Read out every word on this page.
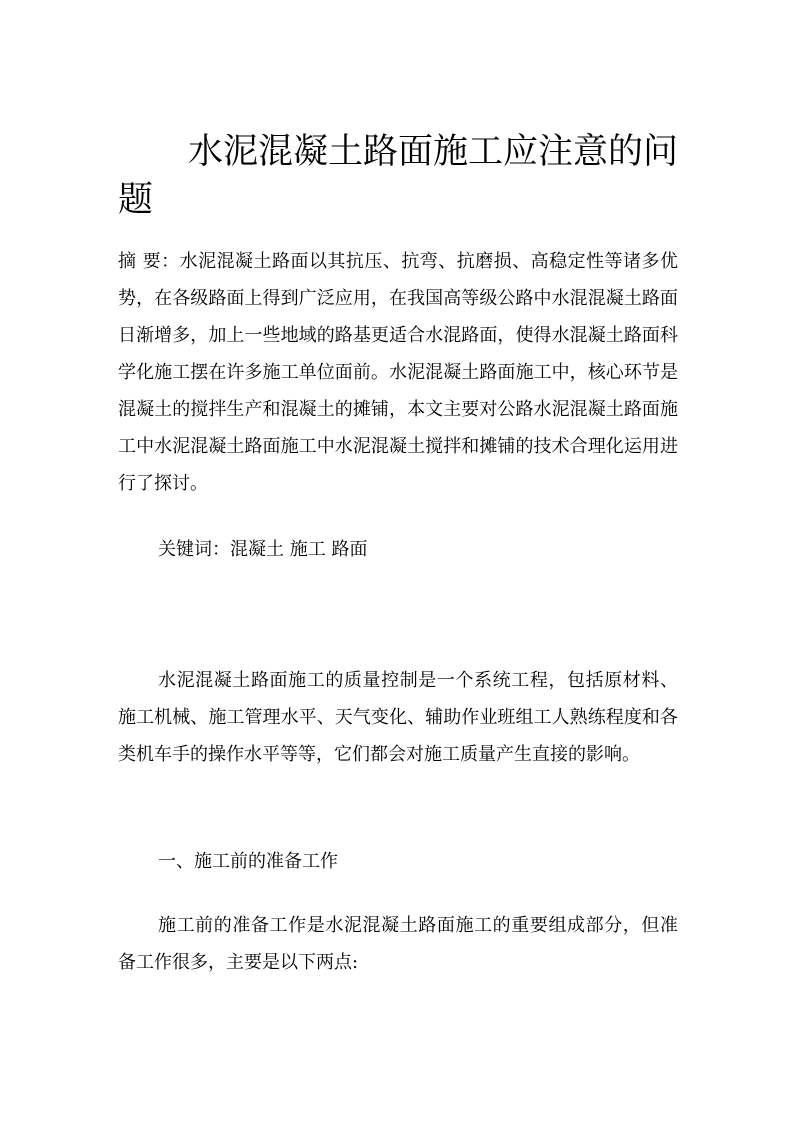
水泥混凝土路面施工应注意的问题

摘 要：水泥混凝土路面以其抗压、抗弯、抗磨损、高稳定性等诸多优势，在各级路面上得到广泛应用，在我国高等级公路中水混混凝土路面日渐增多，加上一些地域的路基更适合水混路面，使得水混凝土路面科学化施工摆在许多施工单位面前。水泥混凝土路面施工中，核心环节是混凝土的搅拌生产和混凝土的摊铺，本文主要对公路水泥混凝土路面施工中水泥混凝土路面施工中水泥混凝土搅拌和摊铺的技术合理化运用进行了探讨。

关键词：混凝土 施工 路面

水泥混凝土路面施工的质量控制是一个系统工程，包括原材料、施工机械、施工管理水平、天气变化、辅助作业班组工人熟练程度和各类机车手的操作水平等等，它们都会对施工质量产生直接的影响。

一、施工前的准备工作

施工前的准备工作是水泥混凝土路面施工的重要组成部分，但准备工作很多，主要是以下两点:
